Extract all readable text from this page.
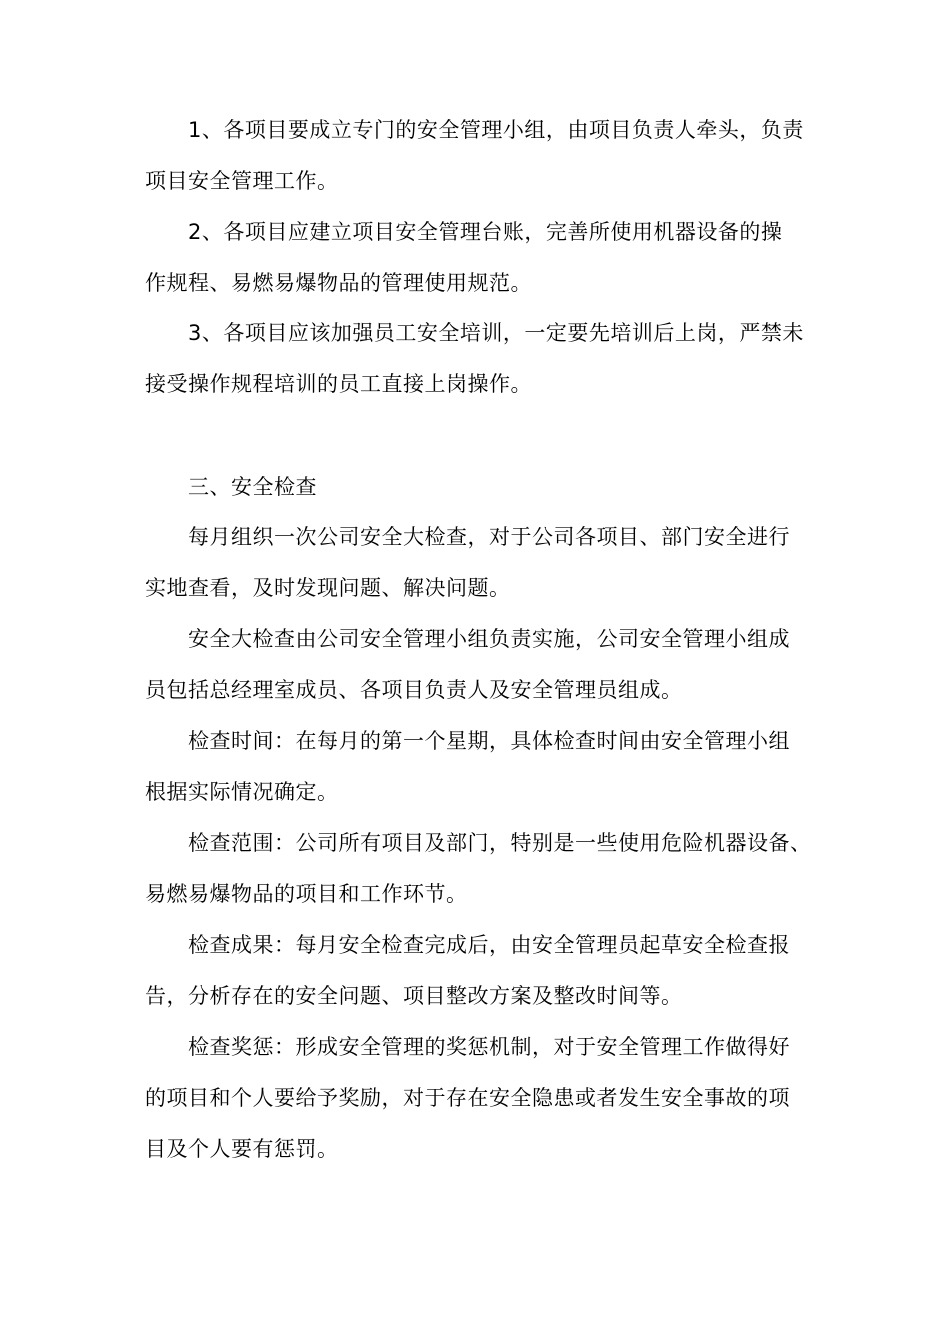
1、各项目要成立专门的安全管理小组，由项目负责人牵头，负责
项目安全管理工作。
2、各项目应建立项目安全管理台账，完善所使用机器设备的操
作规程、易燃易爆物品的管理使用规范。
3、各项目应该加强员工安全培训，一定要先培训后上岗，严禁未
接受操作规程培训的员工直接上岗操作。
三、安全检查
每月组织一次公司安全大检查，对于公司各项目、部门安全进行
实地查看，及时发现问题、解决问题。
安全大检查由公司安全管理小组负责实施，公司安全管理小组成
员包括总经理室成员、各项目负责人及安全管理员组成。
检查时间：在每月的第一个星期，具体检查时间由安全管理小组
根据实际情况确定。
检查范围：公司所有项目及部门，特别是一些使用危险机器设备、
易燃易爆物品的项目和工作环节。
检查成果：每月安全检查完成后，由安全管理员起草安全检查报
告，分析存在的安全问题、项目整改方案及整改时间等。
检查奖惩：形成安全管理的奖惩机制，对于安全管理工作做得好
的项目和个人要给予奖励，对于存在安全隐患或者发生安全事故的项
目及个人要有惩罚。
